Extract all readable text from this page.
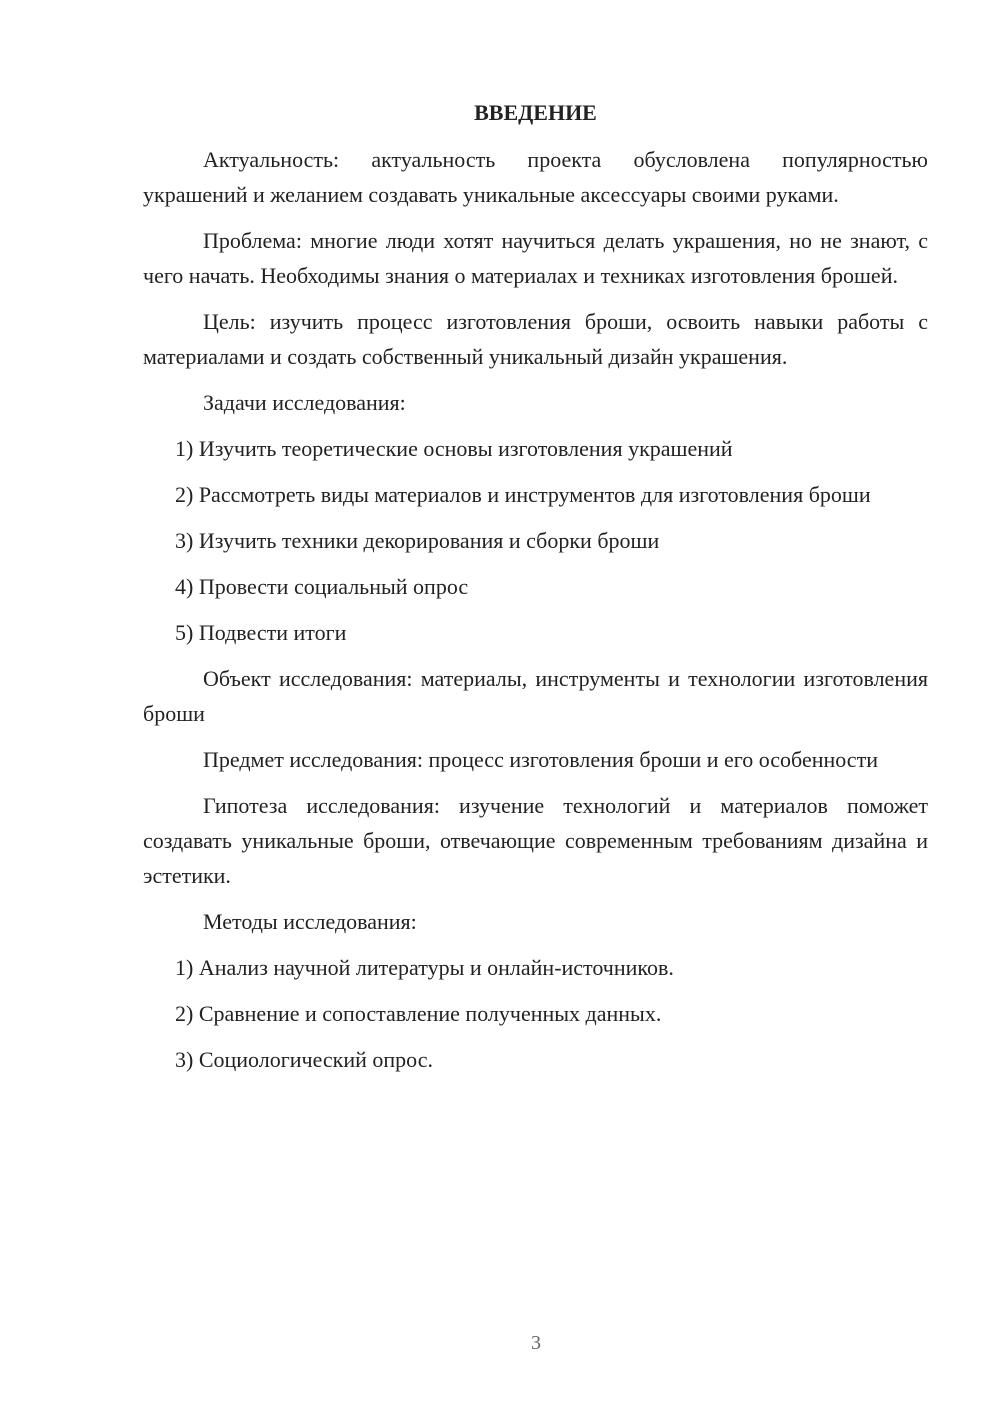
ВВЕДЕНИЕ

Актуальность: актуальность проекта обусловлена популярностью украшений и желанием создавать уникальные аксессуары своими руками.

Проблема: многие люди хотят научиться делать украшения, но не знают, с чего начать. Необходимы знания о материалах и техниках изготовления брошей.

Цель: изучить процесс изготовления броши, освоить навыки работы с материалами и создать собственный уникальный дизайн украшения.

Задачи исследования:

1) Изучить теоретические основы изготовления украшений

2) Рассмотреть виды материалов и инструментов для изготовления броши

3) Изучить техники декорирования и сборки броши

4) Провести социальный опрос

5) Подвести итоги

Объект исследования: материалы, инструменты и технологии изготовления броши

Предмет исследования: процесс изготовления броши и его особенности

Гипотеза исследования: изучение технологий и материалов поможет создавать уникальные броши, отвечающие современным требованиям дизайна и эстетики.

Методы исследования:

1) Анализ научной литературы и онлайн-источников.

2) Сравнение и сопоставление полученных данных.

3) Социологический опрос.

3
